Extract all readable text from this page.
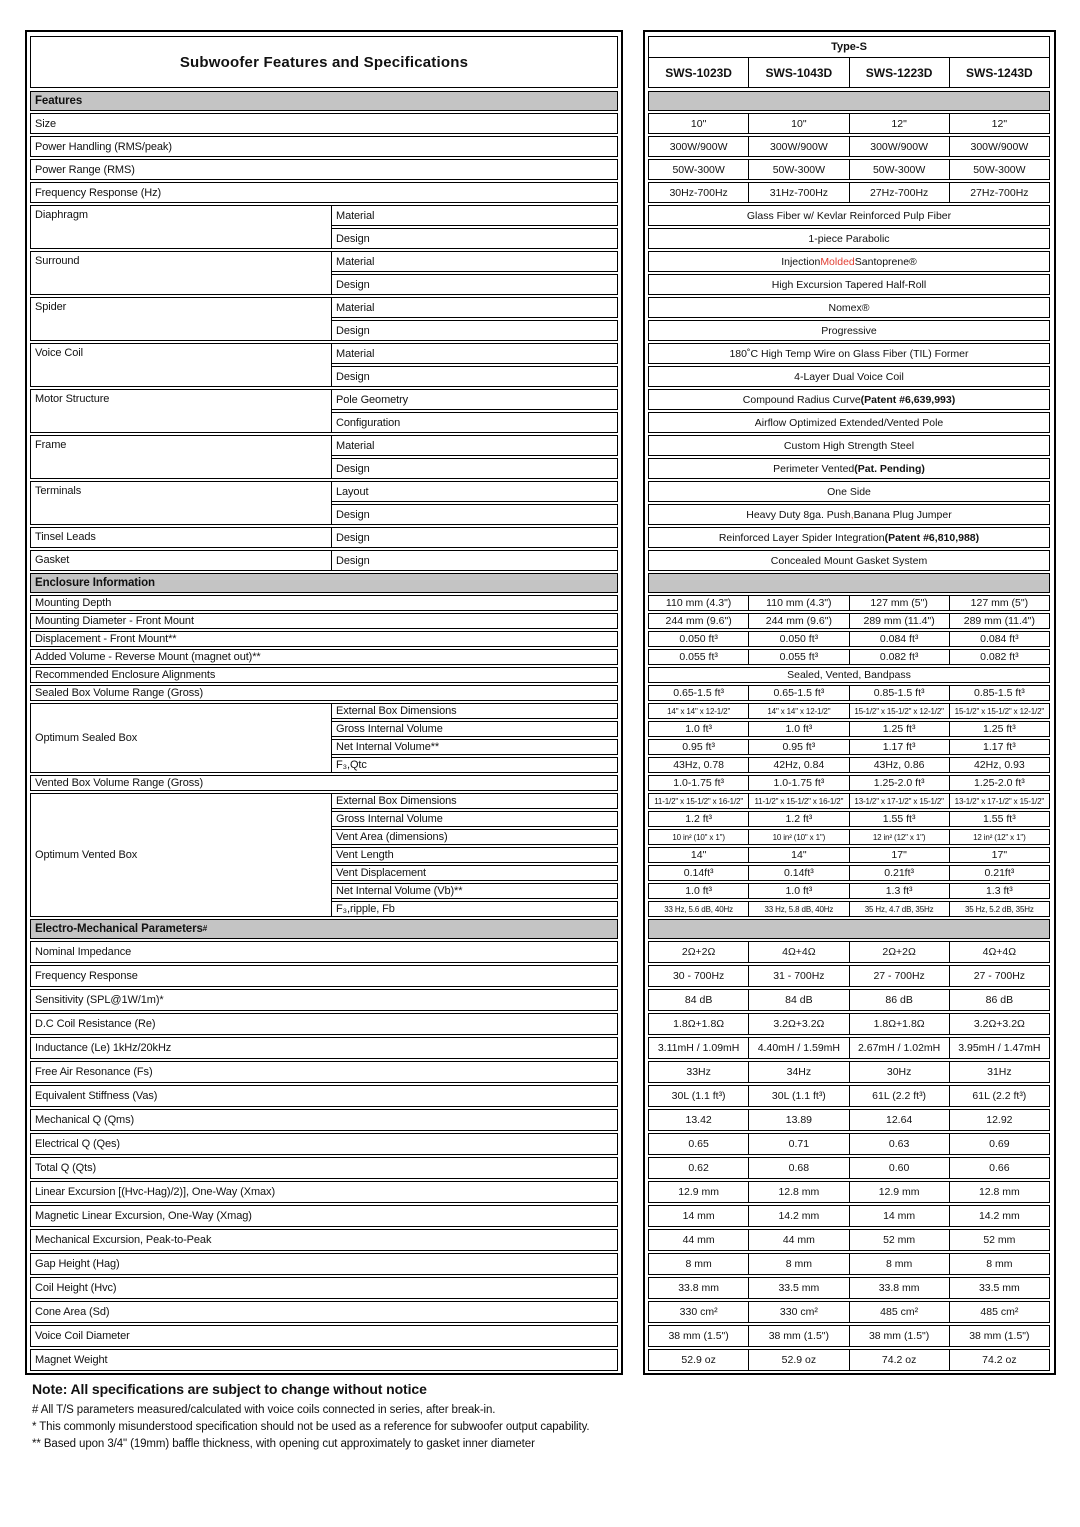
Subwoofer Features and Specifications
Type-S
SWS-1023D	SWS-1043D	SWS-1223D	SWS-1243D
Features
Size	10"	10"	12"	12"
Power Handling (RMS/peak)	300W/900W	300W/900W	300W/900W	300W/900W
Power Range (RMS)	50W-300W	50W-300W	50W-300W	50W-300W
Frequency Response (Hz)	30Hz-700Hz	31Hz-700Hz	27Hz-700Hz	27Hz-700Hz
Diaphragm	Material	Glass Fiber w/ Kevlar Reinforced Pulp Fiber
Design	1-piece Parabolic
Surround	Material	Injection Molded Santoprene®
Design	High Excursion Tapered Half-Roll
Spider	Material	Nomex®
Design	Progressive
Voice Coil	Material	180˚C High Temp Wire on Glass Fiber (TIL) Former
Design	4-Layer Dual Voice Coil
Motor Structure	Pole Geometry	Compound Radius Curve (Patent #6,639,993)
Configuration	Airflow Optimized Extended/Vented Pole
Frame	Material	Custom High Strength Steel
Design	Perimeter Vented (Pat. Pending)
Terminals	Layout	One Side
Design	Heavy Duty 8ga. Push , Banana Plug Jumper
Tinsel Leads	Design	Reinforced Layer Spider Integration (Patent #6,810,988)
Gasket	Design	Concealed Mount Gasket System
Enclosure Information
Mounting Depth	110 mm (4.3")	110 mm (4.3")	127 mm (5")	127 mm (5")
Mounting Diameter - Front Mount	244 mm (9.6")	244 mm (9.6")	289 mm (11.4")	289 mm (11.4")
Displacement - Front Mount**	0.050 ft³	0.050 ft³	0.084 ft³	0.084 ft³
Added Volume - Reverse Mount (magnet out)**	0.055 ft³	0.055 ft³	0.082 ft³	0.082 ft³
Recommended Enclosure Alignments	Sealed, Vented, Bandpass
Sealed Box Volume Range (Gross)	0.65-1.5 ft³	0.65-1.5 ft³	0.85-1.5 ft³	0.85-1.5 ft³
Optimum Sealed Box
External Box Dimensions	14" x 14" x 12-1/2"	14" x 14" x 12-1/2"	15-1/2" x 15-1/2" x 12-1/2"	15-1/2" x 15-1/2" x 12-1/2"
Gross Internal Volume	1.0 ft³	1.0 ft³	1.25 ft³	1.25 ft³
Net Internal Volume**	0.95 ft³	0.95 ft³	1.17 ft³	1.17 ft³
F₃,Qtc	43Hz, 0.78	42Hz, 0.84	43Hz, 0.86	42Hz, 0.93
Vented Box Volume Range (Gross)	1.0-1.75 ft³	1.0-1.75 ft³	1.25-2.0 ft³	1.25-2.0 ft³
Optimum Vented Box
External Box Dimensions	11-1/2" x 15-1/2" x 16-1/2"	11-1/2" x 15-1/2" x 16-1/2"	13-1/2" x 17-1/2" x 15-1/2"	13-1/2" x 17-1/2" x 15-1/2"
Gross Internal Volume	1.2 ft³	1.2 ft³	1.55 ft³	1.55 ft³
Vent Area (dimensions)	10 in² (10" x 1")	10 in² (10" x 1")	12 in² (12" x 1")	12 in² (12" x 1")
Vent Length	14"	14"	17"	17"
Vent Displacement	0.14ft³	0.14ft³	0.21ft³	0.21ft³
Net Internal Volume (Vb)**	1.0 ft³	1.0 ft³	1.3 ft³	1.3 ft³
F₃,ripple, Fb	33 Hz, 5.6 dB, 40Hz	33 Hz, 5.8 dB, 40Hz	35 Hz, 4.7 dB, 35Hz	35 Hz, 5.2 dB, 35Hz
Electro-Mechanical Parameters #
Nominal Impedance	2Ω+2Ω	4Ω+4Ω	2Ω+2Ω	4Ω+4Ω
Frequency Response	30 - 700Hz	31 - 700Hz	27 - 700Hz	27 - 700Hz
Sensitivity (SPL@1W/1m)*	84 dB	84 dB	86 dB	86 dB
D.C Coil Resistance (Re)	1.8Ω+1.8Ω	3.2Ω+3.2Ω	1.8Ω+1.8Ω	3.2Ω+3.2Ω
Inductance (Le) 1kHz/20kHz	3.11mH / 1.09mH	4.40mH / 1.59mH	2.67mH / 1.02mH	3.95mH / 1.47mH
Free Air Resonance (Fs)	33Hz	34Hz	30Hz	31Hz
Equivalent Stiffness (Vas)	30L (1.1 ft³)	30L (1.1 ft³)	61L (2.2 ft³)	61L (2.2 ft³)
Mechanical Q (Qms)	13.42	13.89	12.64	12.92
Electrical Q (Qes)	0.65	0.71	0.63	0.69
Total Q (Qts)	0.62	0.68	0.60	0.66
Linear Excursion [(Hvc-Hag)/2)], One-Way (Xmax)	12.9 mm	12.8 mm	12.9 mm	12.8 mm
Magnetic Linear Excursion, One-Way (Xmag)	14 mm	14.2 mm	14 mm	14.2 mm
Mechanical Excursion, Peak-to-Peak	44 mm	44 mm	52 mm	52 mm
Gap Height (Hag)	8 mm	8 mm	8 mm	8 mm
Coil Height (Hvc)	33.8 mm	33.5 mm	33.8 mm	33.5 mm
Cone Area (Sd)	330 cm²	330 cm²	485 cm²	485 cm²
Voice Coil Diameter	38 mm (1.5")	38 mm (1.5")	38 mm (1.5")	38 mm (1.5")
Magnet Weight	52.9 oz	52.9 oz	74.2 oz	74.2 oz
Note: All specifications are subject to change without notice
# All T/S parameters measured/calculated with voice coils connected in series, after break-in.
* This commonly misunderstood specification should not be used as a reference for subwoofer output capability.
** Based upon 3/4" (19mm) baffle thickness, with opening cut approximately to gasket inner diameter
